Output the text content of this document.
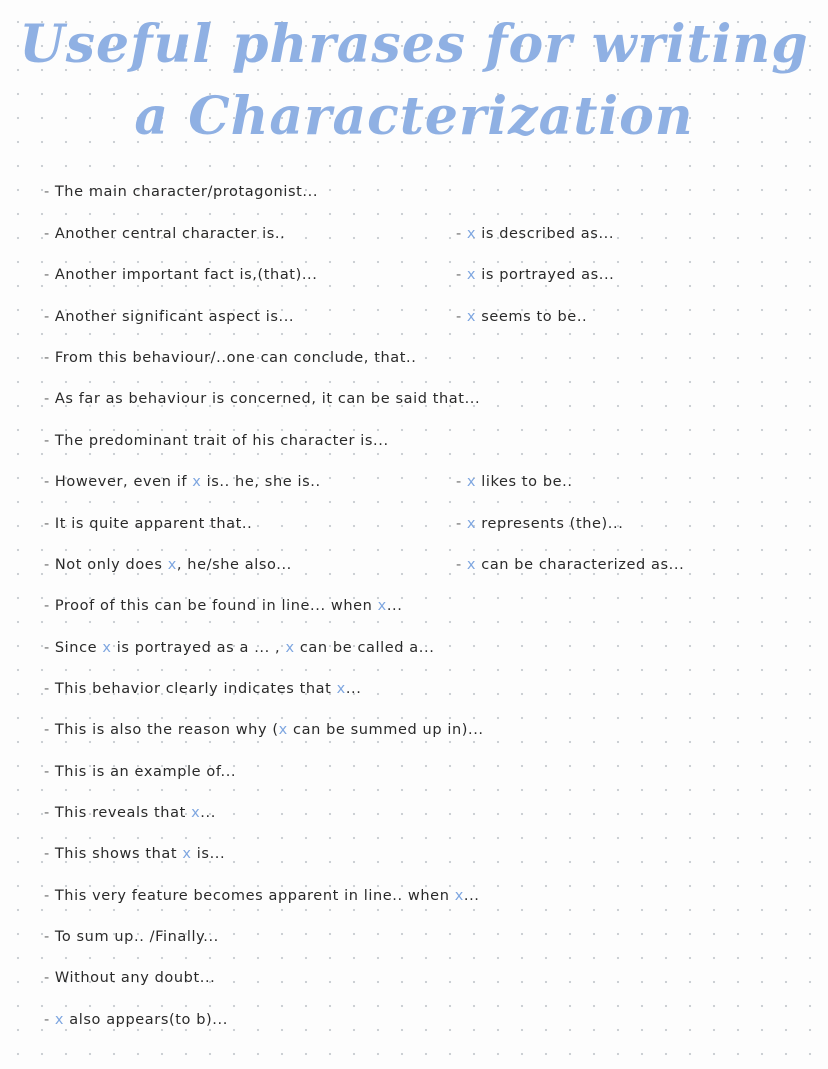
Useful phrases for writing
a Characterization
- The main character/protagonist...
- Another central character is..
- Another important fact is,(that)...
- Another significant aspect is...
- From this behaviour/..one can conclude, that..
- As far as behaviour is concerned, it can be said that...
- The predominant trait of his character is...
- However, even if x is.. he, she is..
- It is quite apparent that..
- Not only does x, he/she also...
- Proof of this can be found in line... when x...
- Since x is portrayed as a ... , x can be called a...
- This behavior clearly indicates that x...
- This is also the reason why (x can be summed up in)...
- This is an example of...
- This reveals that x...
- This shows that x is...
- This very feature becomes apparent in line.. when x...
- To sum up.. /Finally...
- Without any doubt...
- x also appears(to b)...
- x is described as...
- x is portrayed as...
- x seems to be..
- x likes to be..
- x represents (the)...
- x can be characterized as...
